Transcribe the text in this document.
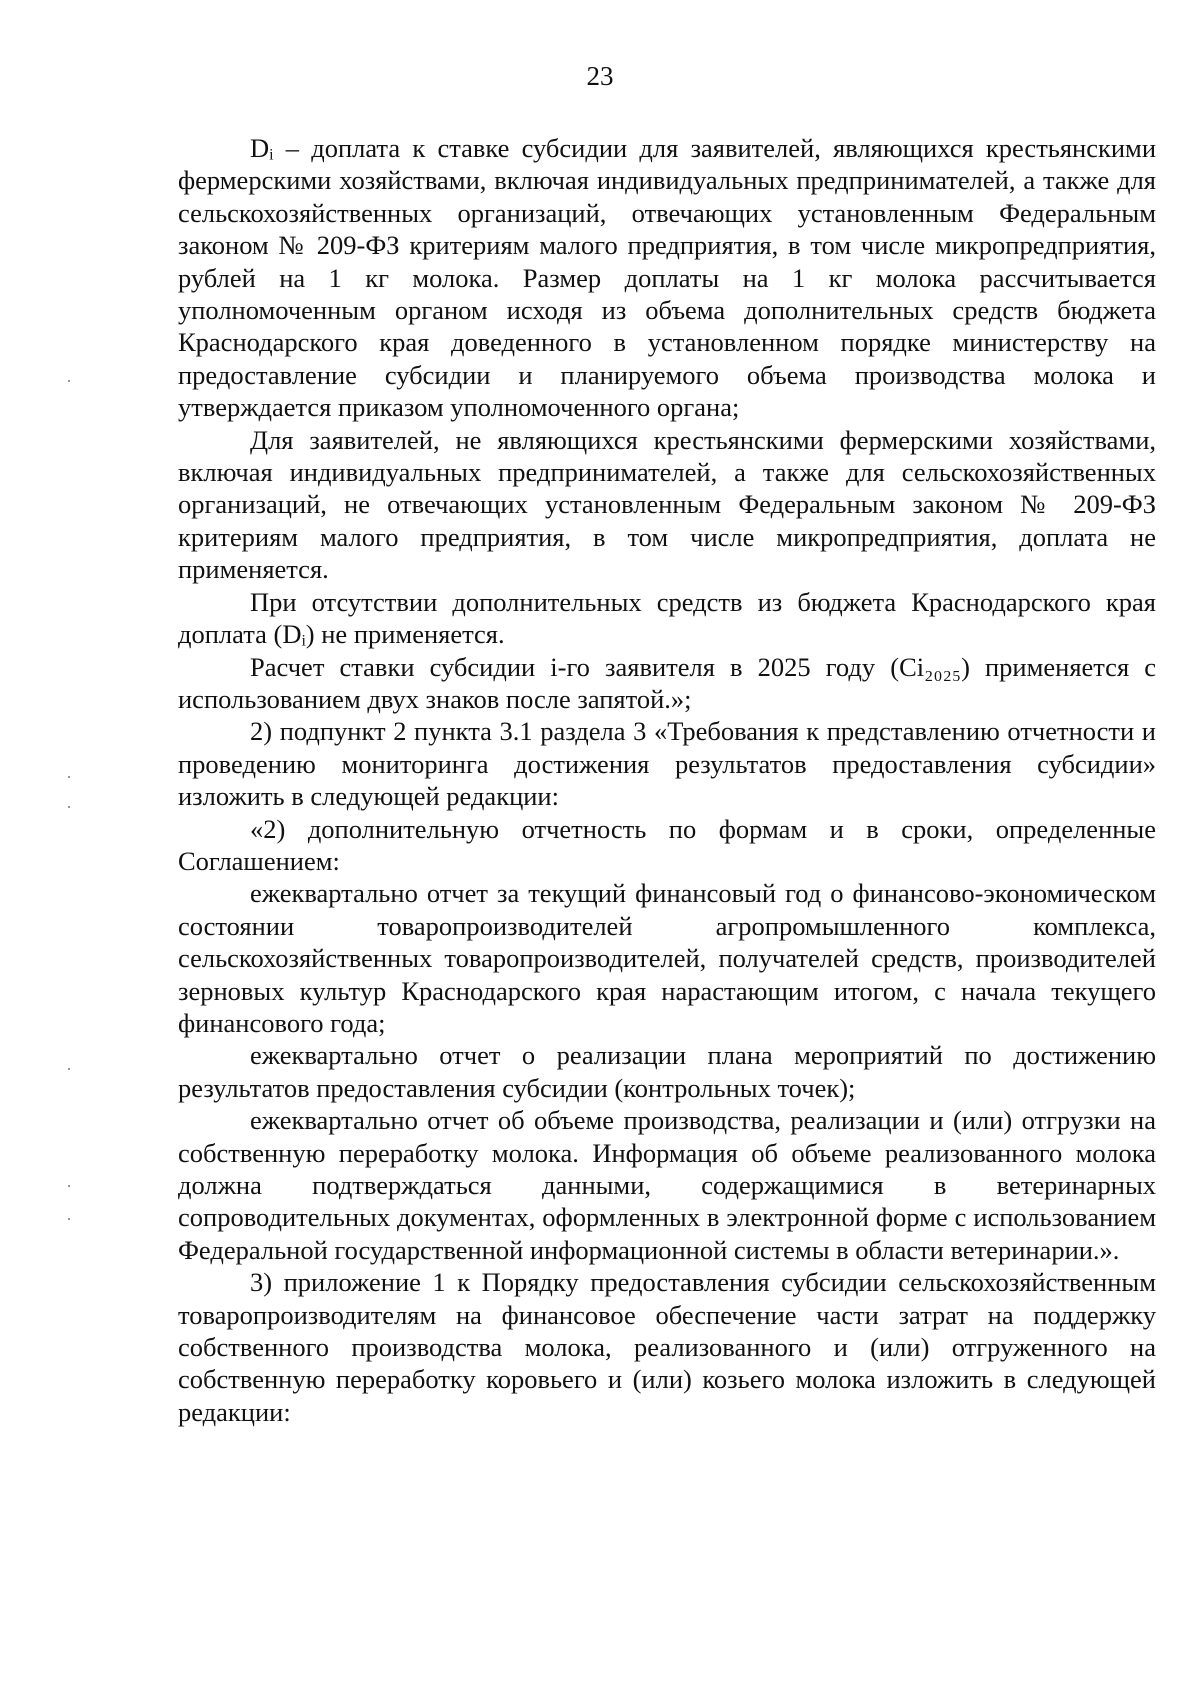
23

Dᵢ – доплата к ставке субсидии для заявителей, являющихся крестьянскими фермерскими хозяйствами, включая индивидуальных предпринимателей, а также для сельскохозяйственных организаций, отвечающих установленным Федеральным законом № 209-ФЗ критериям малого предприятия, в том числе микропредприятия, рублей на 1 кг молока. Размер доплаты на 1 кг молока рассчитывается уполномоченным органом исходя из объема дополнительных средств бюджета Краснодарского края доведенного в установленном порядке министерству на предоставление субсидии и планируемого объема производства молока и утверждается приказом уполномоченного органа;

Для заявителей, не являющихся крестьянскими фермерскими хозяйствами, включая индивидуальных предпринимателей, а также для сельскохозяйственных организаций, не отвечающих установленным Федеральным законом № 209-ФЗ критериям малого предприятия, в том числе микропредприятия, доплата не применяется.

При отсутствии дополнительных средств из бюджета Краснодарского края доплата (Dᵢ) не применяется.

Расчет ставки субсидии i-го заявителя в 2025 году (Ci₂₀₂₅) применяется с использованием двух знаков после запятой.»;

2) подпункт 2 пункта 3.1 раздела 3 «Требования к представлению отчетности и проведению мониторинга достижения результатов предоставления субсидии» изложить в следующей редакции:

«2) дополнительную отчетность по формам и в сроки, определенные Соглашением:

ежеквартально отчет за текущий финансовый год о финансово-экономическом состоянии товаропроизводителей агропромышленного комплекса, сельскохозяйственных товаропроизводителей, получателей средств, производителей зерновых культур Краснодарского края нарастающим итогом, с начала текущего финансового года;

ежеквартально отчет о реализации плана мероприятий по достижению результатов предоставления субсидии (контрольных точек);

ежеквартально отчет об объеме производства, реализации и (или) отгрузки на собственную переработку молока. Информация об объеме реализованного молока должна подтверждаться данными, содержащимися в ветеринарных сопроводительных документах, оформленных в электронной форме с использованием Федеральной государственной информационной системы в области ветеринарии.».

3) приложение 1 к Порядку предоставления субсидии сельскохозяйственным товаропроизводителям на финансовое обеспечение части затрат на поддержку собственного производства молока, реализованного и (или) отгруженного на собственную переработку коровьего и (или) козьего молока изложить в следующей редакции:
